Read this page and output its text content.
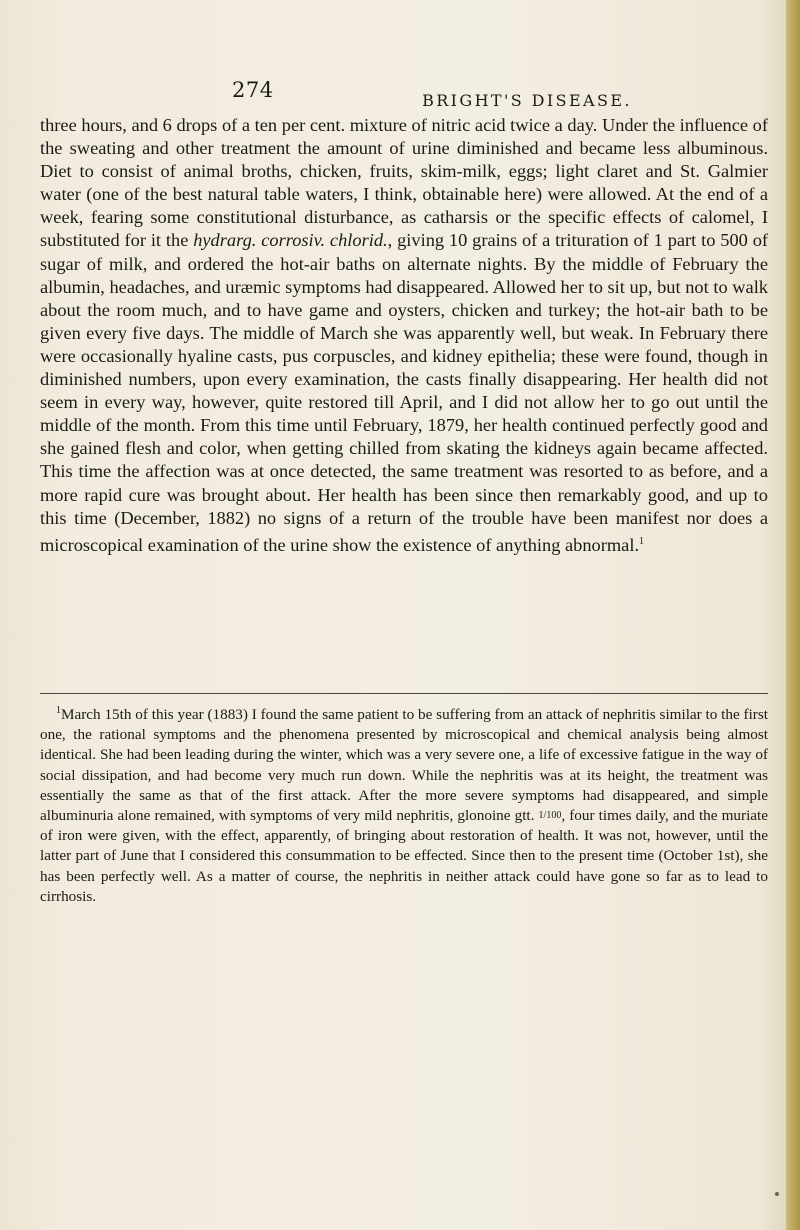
274	BRIGHT'S DISEASE.

three hours, and 6 drops of a ten per cent. mixture of nitric acid twice a day. Under the influence of the sweating and other treatment the amount of urine diminished and became less albuminous. Diet to consist of animal broths, chicken, fruits, skim-milk, eggs; light claret and St. Galmier water (one of the best natural table waters, I think, obtainable here) were allowed. At the end of a week, fearing some constitutional disturbance, as catharsis or the specific effects of calomel, I substituted for it the hydrarg. corrosiv. chlorid., giving 10 grains of a trituration of 1 part to 500 of sugar of milk, and ordered the hot-air baths on alternate nights. By the middle of February the albumin, headaches, and uræmic symptoms had disappeared. Allowed her to sit up, but not to walk about the room much, and to have game and oysters, chicken and turkey; the hot-air bath to be given every five days. The middle of March she was apparently well, but weak. In February there were occasionally hyaline casts, pus corpuscles, and kidney epithelia; these were found, though in diminished numbers, upon every examination, the casts finally disappearing. Her health did not seem in every way, however, quite restored till April, and I did not allow her to go out until the middle of the month. From this time until February, 1879, her health continued perfectly good and she gained flesh and color, when getting chilled from skating the kidneys again became affected. This time the affection was at once detected, the same treatment was resorted to as before, and a more rapid cure was brought about. Her health has been since then remarkably good, and up to this time (December, 1882) no signs of a return of the trouble have been manifest nor does a microscopical examination of the urine show the existence of anything abnormal.$^1$

$^1$March 15th of this year (1883) I found the same patient to be suffering from an attack of nephritis similar to the first one, the rational symptoms and the phenomena presented by microscopical and chemical analysis being almost identical. She had been leading during the winter, which was a very severe one, a life of excessive fatigue in the way of social dissipation, and had become very much run down. While the nephritis was at its height, the treatment was essentially the same as that of the first attack. After the more severe symptoms had disappeared, and simple albuminuria alone remained, with symptoms of very mild nephritis, glonoine gtt. 1/100, four times daily, and the muriate of iron were given, with the effect, apparently, of bringing about restoration of health. It was not, however, until the latter part of June that I considered this consummation to be effected. Since then to the present time (October 1st), she has been perfectly well. As a matter of course, the nephritis in neither attack could have gone so far as to lead to cirrhosis.
